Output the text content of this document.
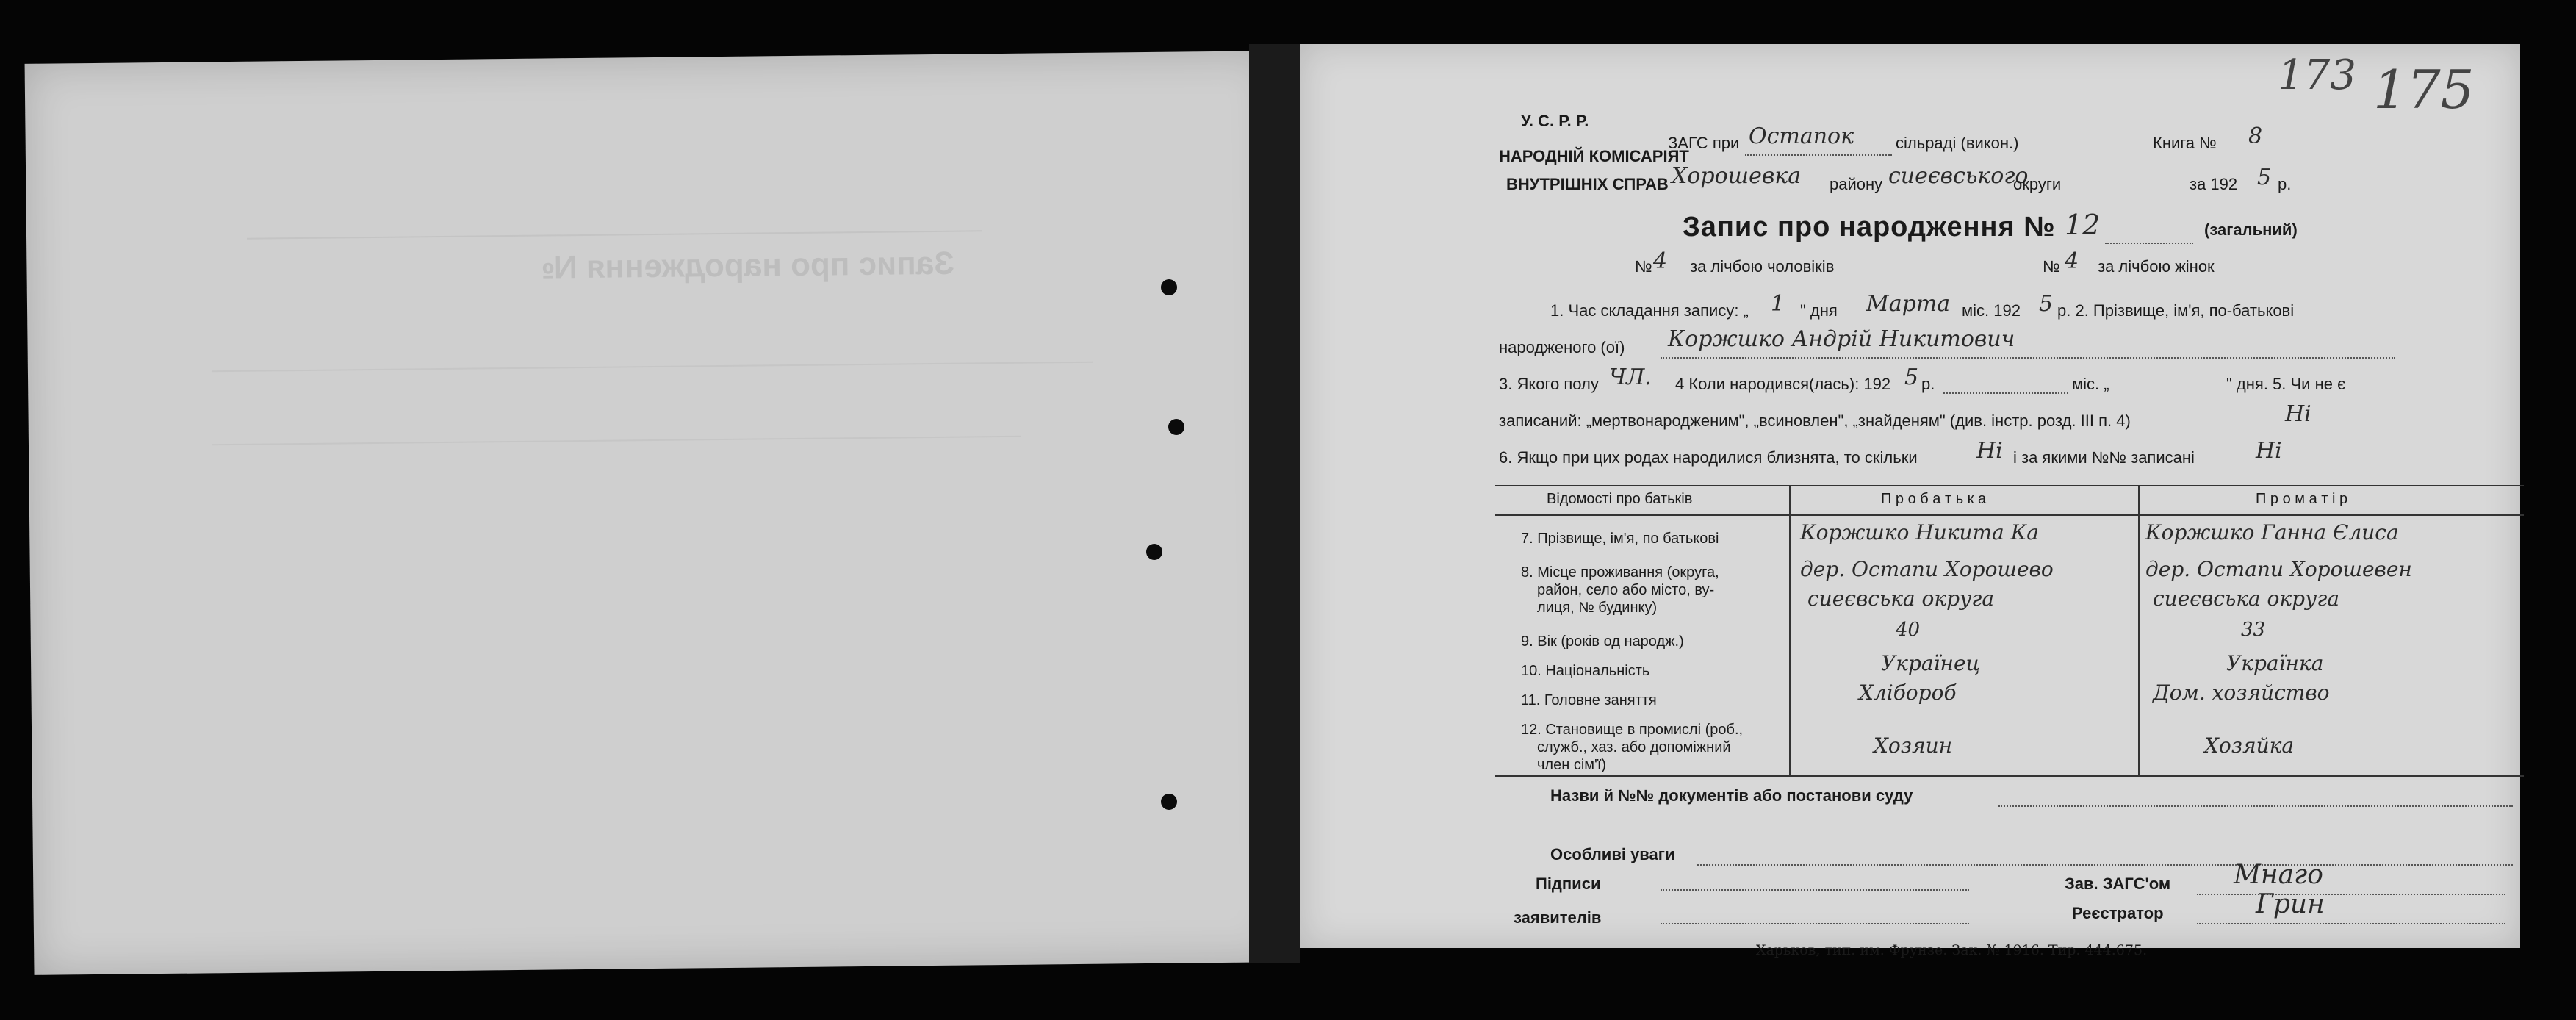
Запис про народження №
173 175
У. С. Р. Р.
НАРОДНІЙ КОМІСАРІЯТ
ВНУТРІШНІХ СПРАВ
ЗАГС при Остапок	сільраді (викон.)	Книга № 8
Хорошевка району сиеєвського
округи	за 192 5 р.
Запис про народження № 12	(загальний)
№ 4 за лічбою чоловіків	№ 4 за лічбою жінок
1. Час складання запису: „ 1 " дня Марта міс. 192 5 р. 2. Прізвище, ім'я, по-батькові
народженого (ої) Коржшко Андрій Никитович
3. Якого полу ЧЛ. 4 Коли народився(лась): 192 5 р.	міс. „	" дня. 5. Чи не є
записаний: „мертвонародженим", „всиновлен", „знайденям" (див. інстр. розд. III п. 4)	Ні
6. Якщо при цих родах народилися близнята, то скільки	Ні і за якими №№ записані	Ні
Відомості про батьків	П р о б а т ь к а	П р о м а т і р
7. Прізвище, ім'я, по батькові	Коржшко Никита Ка	Коржшко Ганна Єлиса
8. Місце проживання (округа,
район, село або місто, ву-
лиця, № будинку)
дер. Остапи Хорошево	дер. Остапи Хорошевен
сиеєвська округа	сиеєвська округа
9. Вік (років од народж.)
40	33
10. Національність	Українец	Українка
11. Головне заняття	Хлібороб	Дом. хозяйство
12. Становище в промислі (роб.,
служб., хаз. або допоміжний
член сім'ї)
Хозяин	Хозяйка
Назви й №№ документів або постанови суду
Особливі уваги
Підписи
заявителів
Зав. ЗАГС'ом Мнаго
Реєстратор	Грин
Харьков, тип. им. Фрунзе. Зак. № 1916. Тир. 444.675.
